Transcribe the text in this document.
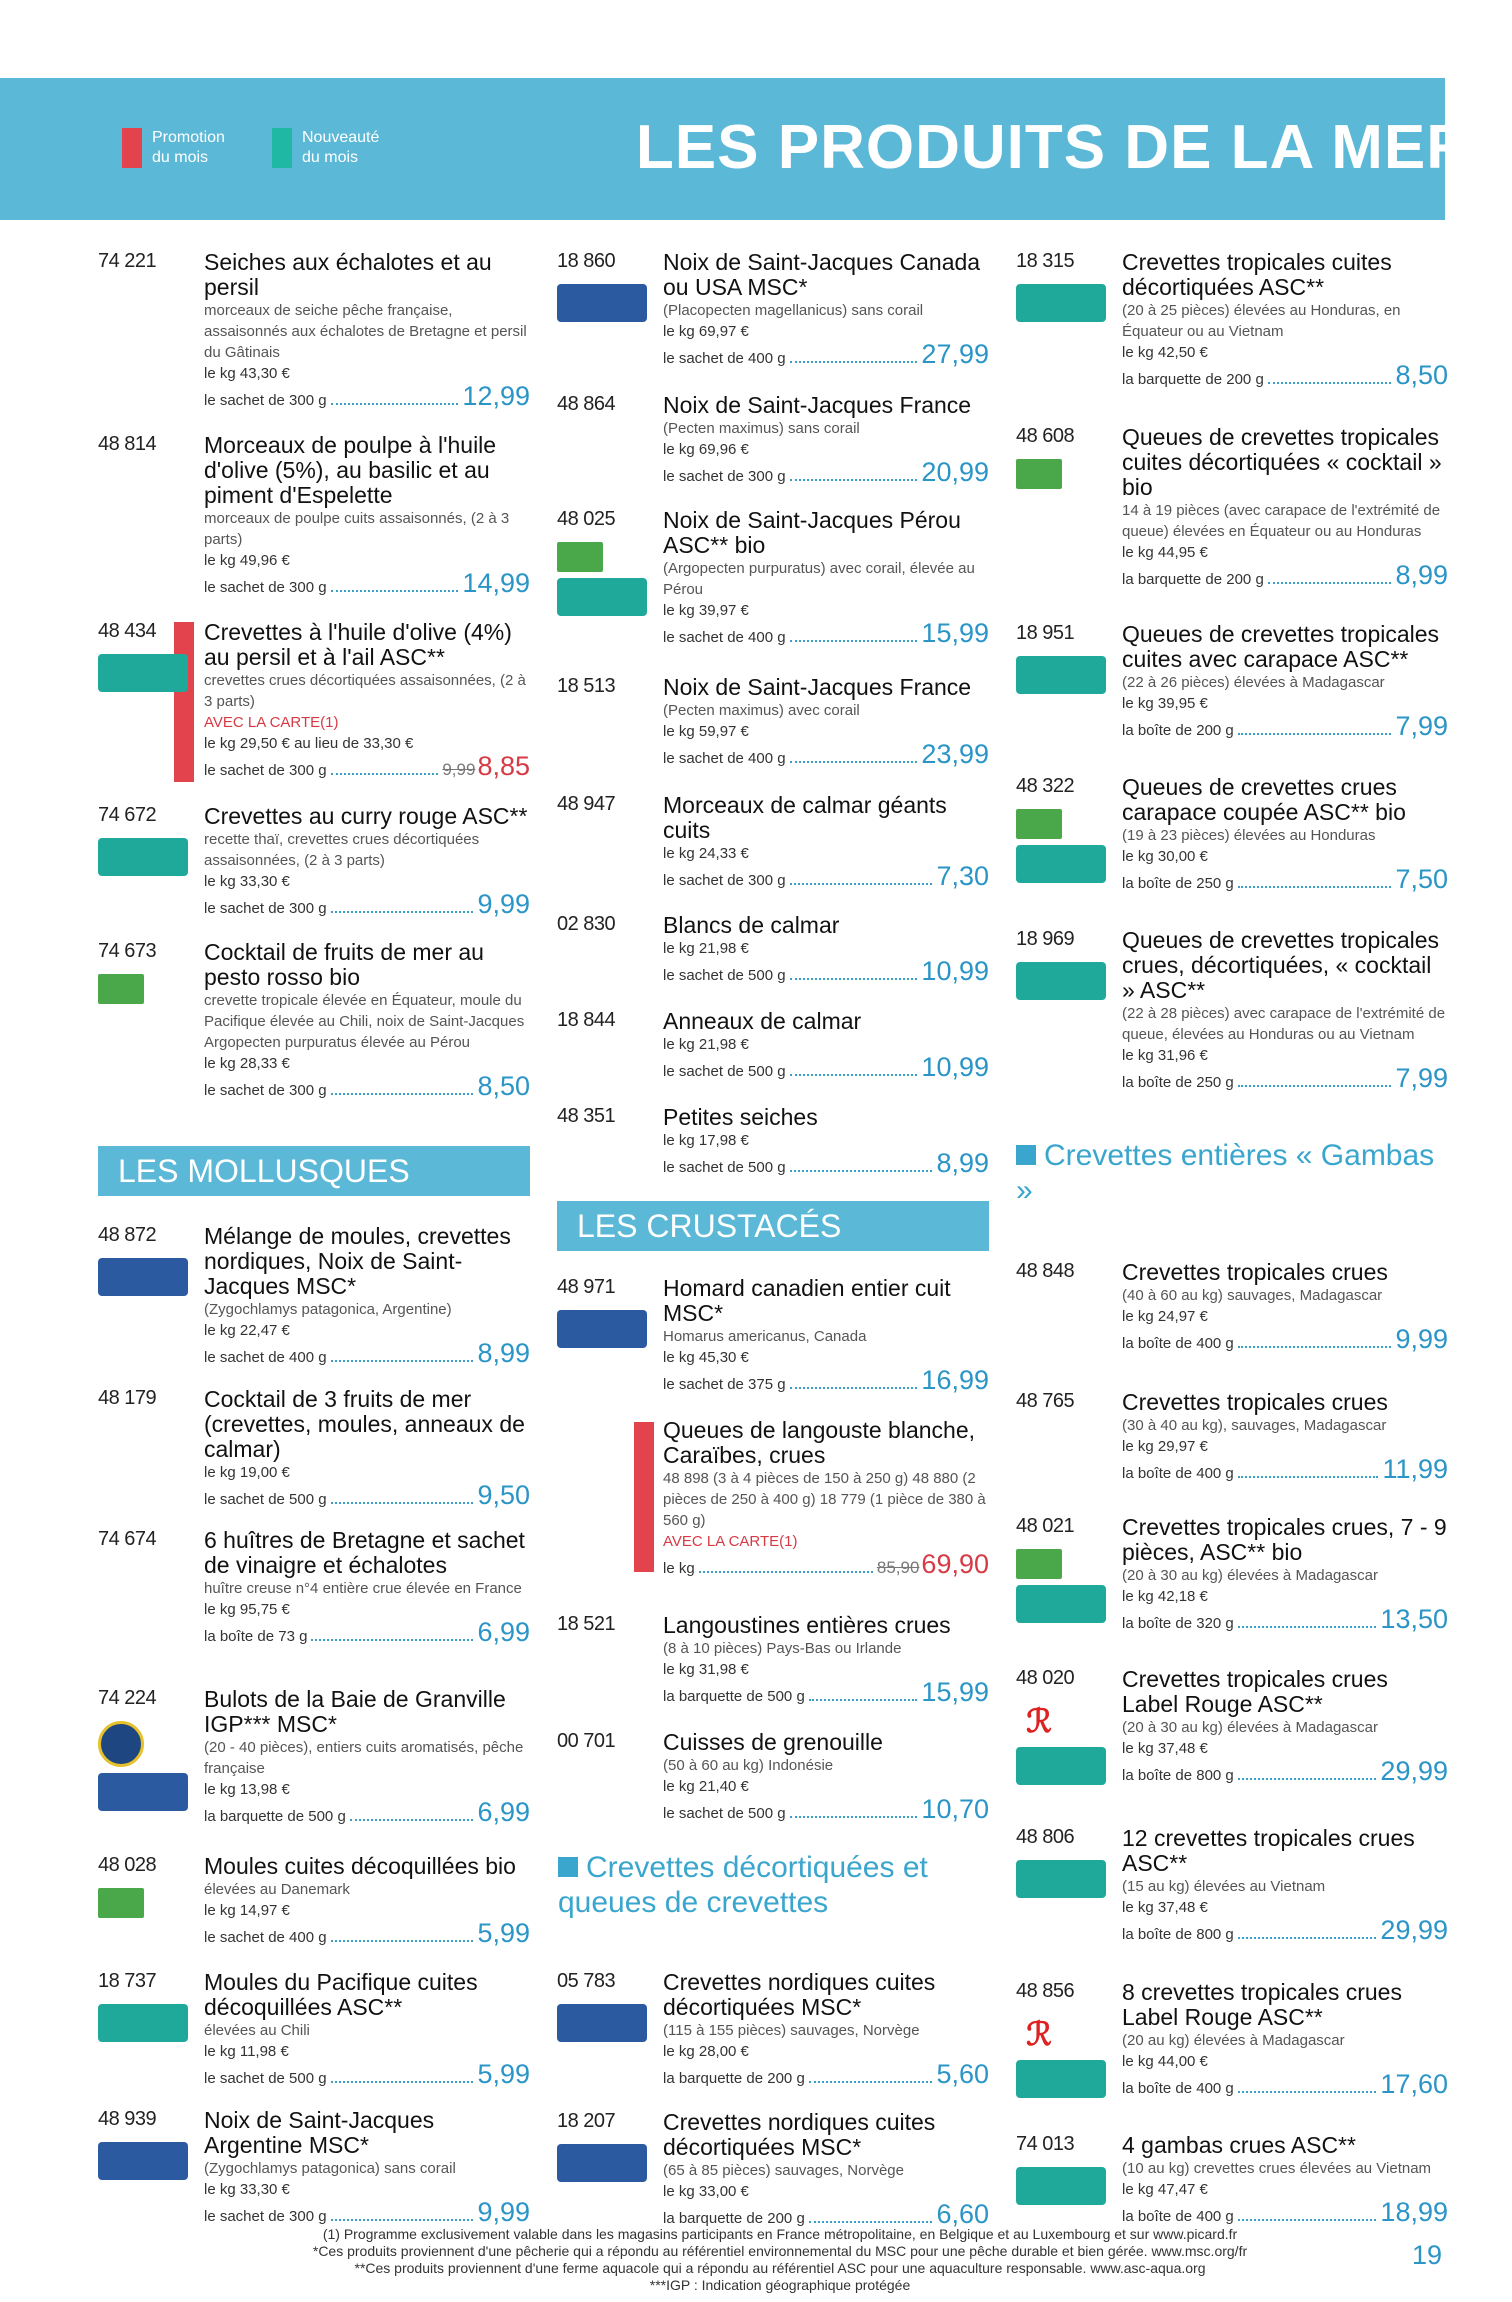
Promotion du mois
Nouveauté du mois	LES PRODUITS DE LA MER
LES MOLLUSQUES
LES CRUSTACÉS
Crevettes décortiquées et queues de crevettes
Crevettes entières « Gambas »
74 221 Seiches aux échalotes et au persil
morceaux de seiche pêche française, assaisonnés aux échalotes de Bretagne et persil du Gâtinais
le kg 43,30 €
le sachet de 300 g	12,99
48 814 Morceaux de poulpe à l'huile d'olive (5%), au basilic et au piment d'Espelette
morceaux de poulpe cuits assaisonnés, (2 à 3 parts)
le kg 49,96 €
le sachet de 300 g	14,99
48 434 Crevettes à l'huile d'olive (4%) au persil et à l'ail ASC**
crevettes crues décortiquées assaisonnées, (2 à 3 parts)
AVEC LA CARTE(1)
le kg 29,50 € au lieu de 33,30 €
le sachet de 300 g	9,99 8,85
74 672 Crevettes au curry rouge ASC**
recette thaï, crevettes crues décortiquées assaisonnées, (2 à 3 parts)
le kg 33,30 €
le sachet de 300 g	9,99
74 673 Cocktail de fruits de mer au pesto rosso bio
crevette tropicale élevée en Équateur, moule du Pacifique élevée au Chili, noix de Saint-Jacques Argopecten purpuratus élevée au Pérou
le kg 28,33 €
le sachet de 300 g	8,50
48 872 Mélange de moules, crevettes nordiques, Noix de Saint-Jacques MSC*
(Zygochlamys patagonica, Argentine)
le kg 22,47 €
le sachet de 400 g	8,99
48 179 Cocktail de 3 fruits de mer (crevettes, moules, anneaux de calmar)
le kg 19,00 €
le sachet de 500 g	9,50
74 674 6 huîtres de Bretagne et sachet de vinaigre et échalotes
huître creuse n°4 entière crue élevée en France
le kg 95,75 €
la boîte de 73 g	6,99
74 224 Bulots de la Baie de Granville IGP*** MSC*
(20 - 40 pièces), entiers cuits aromatisés, pêche française
le kg 13,98 €
la barquette de 500 g	6,99
48 028 Moules cuites décoquillées bio
élevées au Danemark
le kg 14,97 €
le sachet de 400 g	5,99
18 737 Moules du Pacifique cuites décoquillées ASC**
élevées au Chili
le kg 11,98 €
le sachet de 500 g	5,99
48 939 Noix de Saint-Jacques Argentine MSC*
(Zygochlamys patagonica) sans corail
le kg 33,30 €
le sachet de 300 g	9,99
18 860 Noix de Saint-Jacques Canada ou USA MSC*
(Placopecten magellanicus) sans corail
le kg 69,97 €
le sachet de 400 g	27,99
48 864 Noix de Saint-Jacques France
(Pecten maximus) sans corail
le kg 69,96 €
le sachet de 300 g	20,99
48 025 Noix de Saint-Jacques Pérou ASC** bio
(Argopecten purpuratus) avec corail, élevée au Pérou
le kg 39,97 €
le sachet de 400 g	15,99
18 513 Noix de Saint-Jacques France
(Pecten maximus) avec corail
le kg 59,97 €
le sachet de 400 g	23,99
48 947 Morceaux de calmar géants cuits
le kg 24,33 €
le sachet de 300 g	7,30
02 830 Blancs de calmar
le kg 21,98 €
le sachet de 500 g	10,99
18 844 Anneaux de calmar
le kg 21,98 €
le sachet de 500 g	10,99
48 351 Petites seiches
le kg 17,98 €
le sachet de 500 g	8,99
48 971 Homard canadien entier cuit MSC*
Homarus americanus, Canada
le kg 45,30 €
le sachet de 375 g	16,99
Queues de langouste blanche, Caraïbes, crues
48 898 (3 à 4 pièces de 150 à 250 g) 48 880 (2 pièces de 250 à 400 g) 18 779 (1 pièce de 380 à 560 g)
AVEC LA CARTE(1)
le kg	85,90 69,90
18 521 Langoustines entières crues
(8 à 10 pièces) Pays-Bas ou Irlande
le kg 31,98 €
la barquette de 500 g	15,99
00 701 Cuisses de grenouille
(50 à 60 au kg) Indonésie
le kg 21,40 €
le sachet de 500 g	10,70
05 783 Crevettes nordiques cuites décortiquées MSC*
(115 à 155 pièces) sauvages, Norvège
le kg 28,00 €
la barquette de 200 g	5,60
18 207 Crevettes nordiques cuites décortiquées MSC*
(65 à 85 pièces) sauvages, Norvège
le kg 33,00 €
la barquette de 200 g	6,60
18 315 Crevettes tropicales cuites décortiquées ASC**
(20 à 25 pièces) élevées au Honduras, en Équateur ou au Vietnam
le kg 42,50 €
la barquette de 200 g	8,50
48 608 Queues de crevettes tropicales cuites décortiquées « cocktail » bio
14 à 19 pièces (avec carapace de l'extrémité de queue) élevées en Équateur ou au Honduras
le kg 44,95 €
la barquette de 200 g	8,99
18 951 Queues de crevettes tropicales cuites avec carapace ASC**
(22 à 26 pièces) élevées à Madagascar
le kg 39,95 €
la boîte de 200 g	7,99
48 322 Queues de crevettes crues carapace coupée ASC** bio
(19 à 23 pièces) élevées au Honduras
le kg 30,00 €
la boîte de 250 g	7,50
18 969 Queues de crevettes tropicales crues, décortiquées, « cocktail » ASC**
(22 à 28 pièces) avec carapace de l'extrémité de queue, élevées au Honduras ou au Vietnam
le kg 31,96 €
la boîte de 250 g	7,99
48 848 Crevettes tropicales crues
(40 à 60 au kg) sauvages, Madagascar
le kg 24,97 €
la boîte de 400 g	9,99
48 765 Crevettes tropicales crues
(30 à 40 au kg), sauvages, Madagascar
le kg 29,97 €
la boîte de 400 g	11,99
48 021 Crevettes tropicales crues, 7 - 9 pièces, ASC** bio
(20 à 30 au kg) élevées à Madagascar
le kg 42,18 €
la boîte de 320 g	13,50
48 020
ℛ
Crevettes tropicales crues Label Rouge ASC**
(20 à 30 au kg) élevées à Madagascar
le kg 37,48 €
la boîte de 800 g	29,99
48 806 12 crevettes tropicales crues ASC**
(15 au kg) élevées au Vietnam
le kg 37,48 €
la boîte de 800 g	29,99
48 856
ℛ
8 crevettes tropicales crues Label Rouge ASC**
(20 au kg) élevées à Madagascar
le kg 44,00 €
la boîte de 400 g	17,60
74 013 4 gambas crues ASC**
(10 au kg) crevettes crues élevées au Vietnam
le kg 47,47 €
la boîte de 400 g	18,99
(1) Programme exclusivement valable dans les magasins participants en France métropolitaine, en Belgique et au Luxembourg et sur www.picard.fr
*Ces produits proviennent d'une pêcherie qui a répondu au référentiel environnemental du MSC pour une pêche durable et bien gérée. www.msc.org/fr
**Ces produits proviennent d'une ferme aquacole qui a répondu au référentiel ASC pour une aquaculture responsable. www.asc-aqua.org
***IGP : Indication géographique protégée
19
